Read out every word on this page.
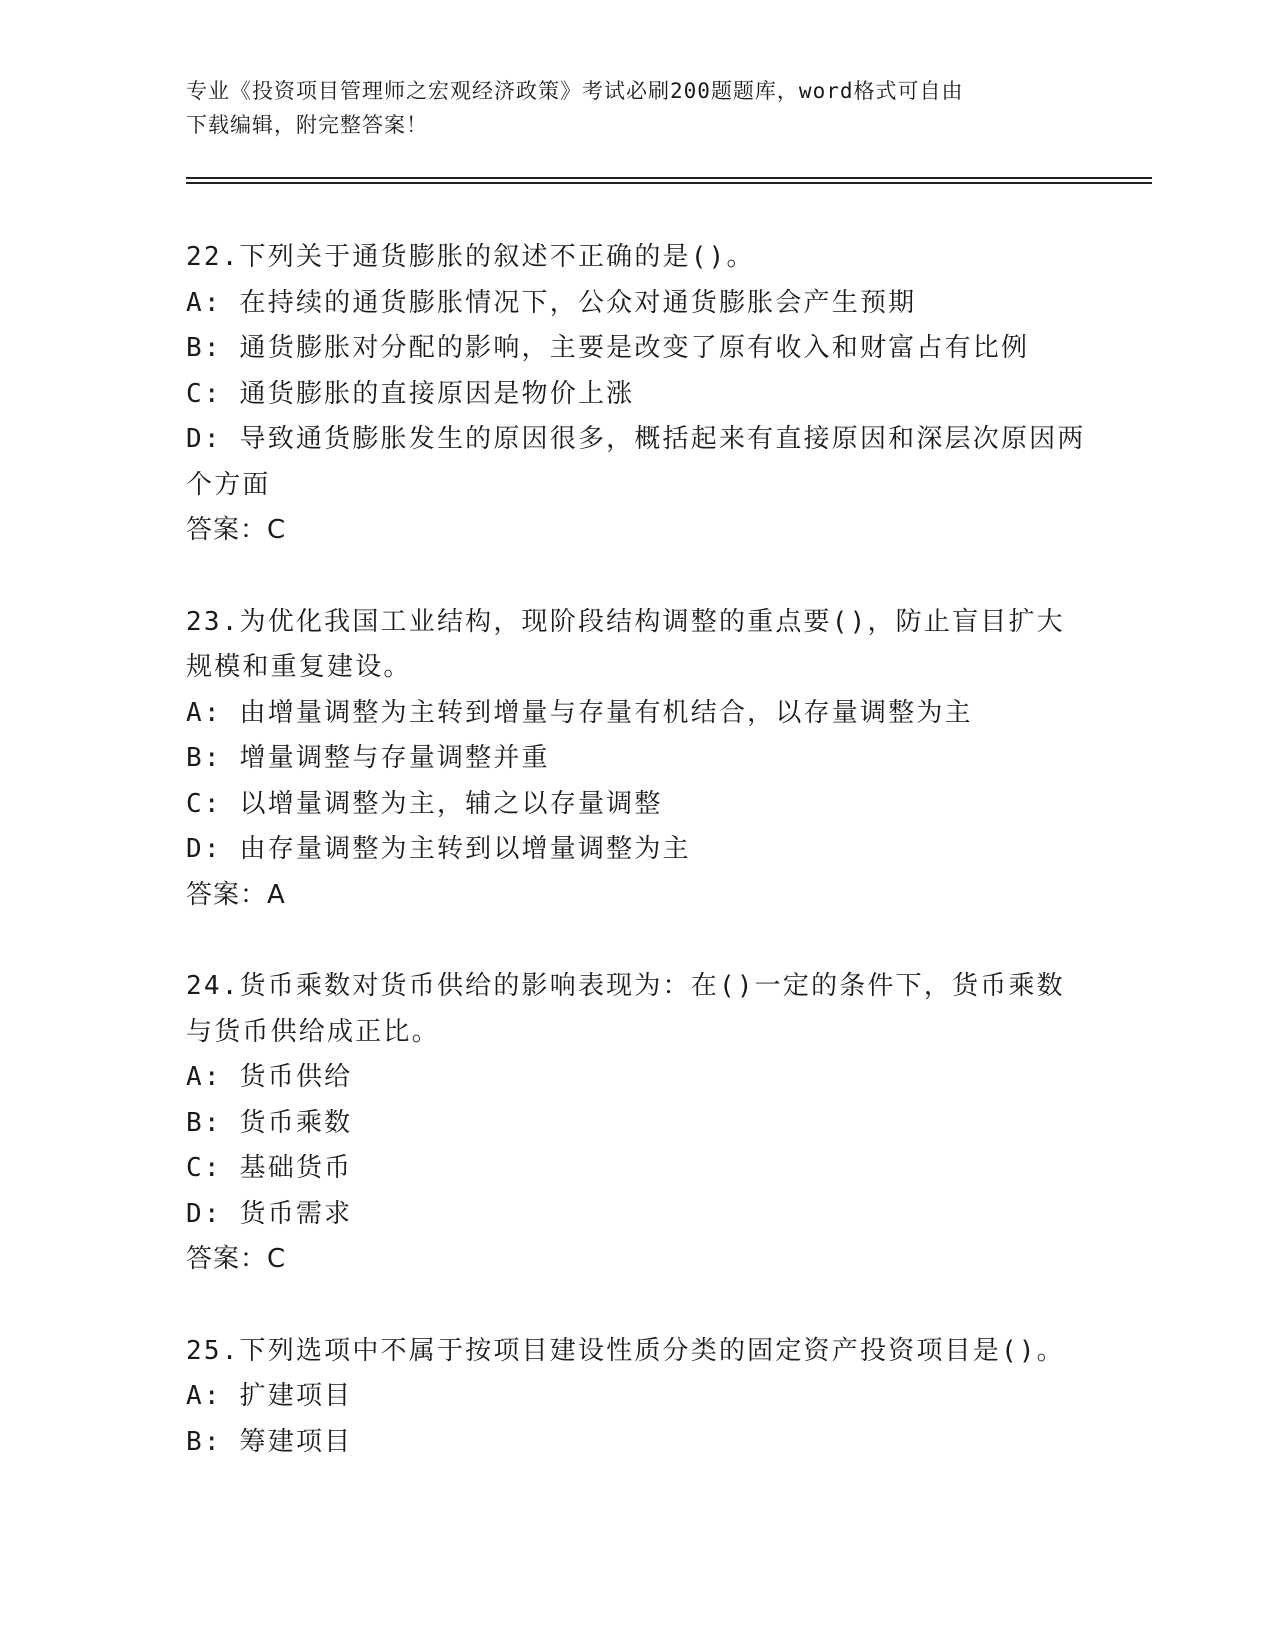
专业《投资项目管理师之宏观经济政策》考试必刷200题题库，word格式可自由
下载编辑，附完整答案！
22.下列关于通货膨胀的叙述不正确的是()。
A: 在持续的通货膨胀情况下，公众对通货膨胀会产生预期
B: 通货膨胀对分配的影响，主要是改变了原有收入和财富占有比例
C: 通货膨胀的直接原因是物价上涨
D: 导致通货膨胀发生的原因很多，概括起来有直接原因和深层次原因两个方面
答案：C
23.为优化我国工业结构，现阶段结构调整的重点要()，防止盲目扩大规模和重复建设。
A: 由增量调整为主转到增量与存量有机结合，以存量调整为主
B: 增量调整与存量调整并重
C: 以增量调整为主，辅之以存量调整
D: 由存量调整为主转到以增量调整为主
答案：A
24.货币乘数对货币供给的影响表现为：在()一定的条件下，货币乘数与货币供给成正比。
A: 货币供给
B: 货币乘数
C: 基础货币
D: 货币需求
答案：C
25.下列选项中不属于按项目建设性质分类的固定资产投资项目是()。
A: 扩建项目
B: 筹建项目
